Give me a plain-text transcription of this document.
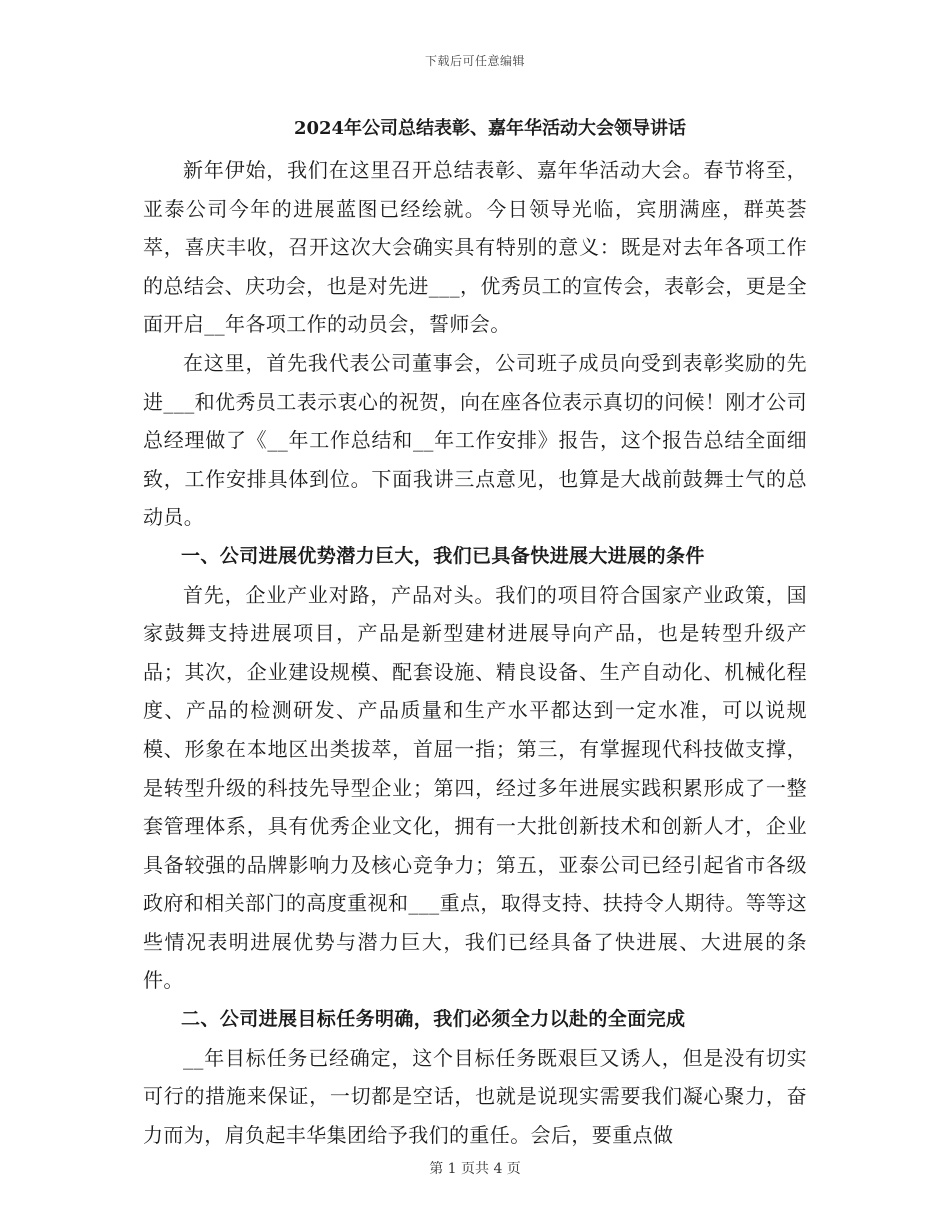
下载后可任意编辑
2024年公司总结表彰、嘉年华活动大会领导讲话

新年伊始，我们在这里召开总结表彰、嘉年华活动大会。春节将至，亚泰公司今年的进展蓝图已经绘就。今日领导光临，宾朋满座，群英荟萃，喜庆丰收，召开这次大会确实具有特别的意义：既是对去年各项工作的总结会、庆功会，也是对先进___，优秀员工的宣传会，表彰会，更是全面开启__年各项工作的动员会，誓师会。

在这里，首先我代表公司董事会，公司班子成员向受到表彰奖励的先进___和优秀员工表示衷心的祝贺，向在座各位表示真切的问候！刚才公司总经理做了《__年工作总结和__年工作安排》报告，这个报告总结全面细致，工作安排具体到位。下面我讲三点意见，也算是大战前鼓舞士气的总动员。

一、公司进展优势潜力巨大，我们已具备快进展大进展的条件

首先，企业产业对路，产品对头。我们的项目符合国家产业政策，国家鼓舞支持进展项目，产品是新型建材进展导向产品，也是转型升级产品；其次，企业建设规模、配套设施、精良设备、生产自动化、机械化程度、产品的检测研发、产品质量和生产水平都达到一定水准，可以说规模、形象在本地区出类拔萃，首屈一指；第三，有掌握现代科技做支撑，是转型升级的科技先导型企业；第四，经过多年进展实践积累形成了一整套管理体系，具有优秀企业文化，拥有一大批创新技术和创新人才，企业具备较强的品牌影响力及核心竞争力；第五，亚泰公司已经引起省市各级政府和相关部门的高度重视和___重点，取得支持、扶持令人期待。等等这些情况表明进展优势与潜力巨大，我们已经具备了快进展、大进展的条件。

二、公司进展目标任务明确，我们必须全力以赴的全面完成

__年目标任务已经确定，这个目标任务既艰巨又诱人，但是没有切实可行的措施来保证，一切都是空话，也就是说现实需要我们凝心聚力，奋力而为，肩负起丰华集团给予我们的重任。会后，要重点做

第 1 页共 4 页
